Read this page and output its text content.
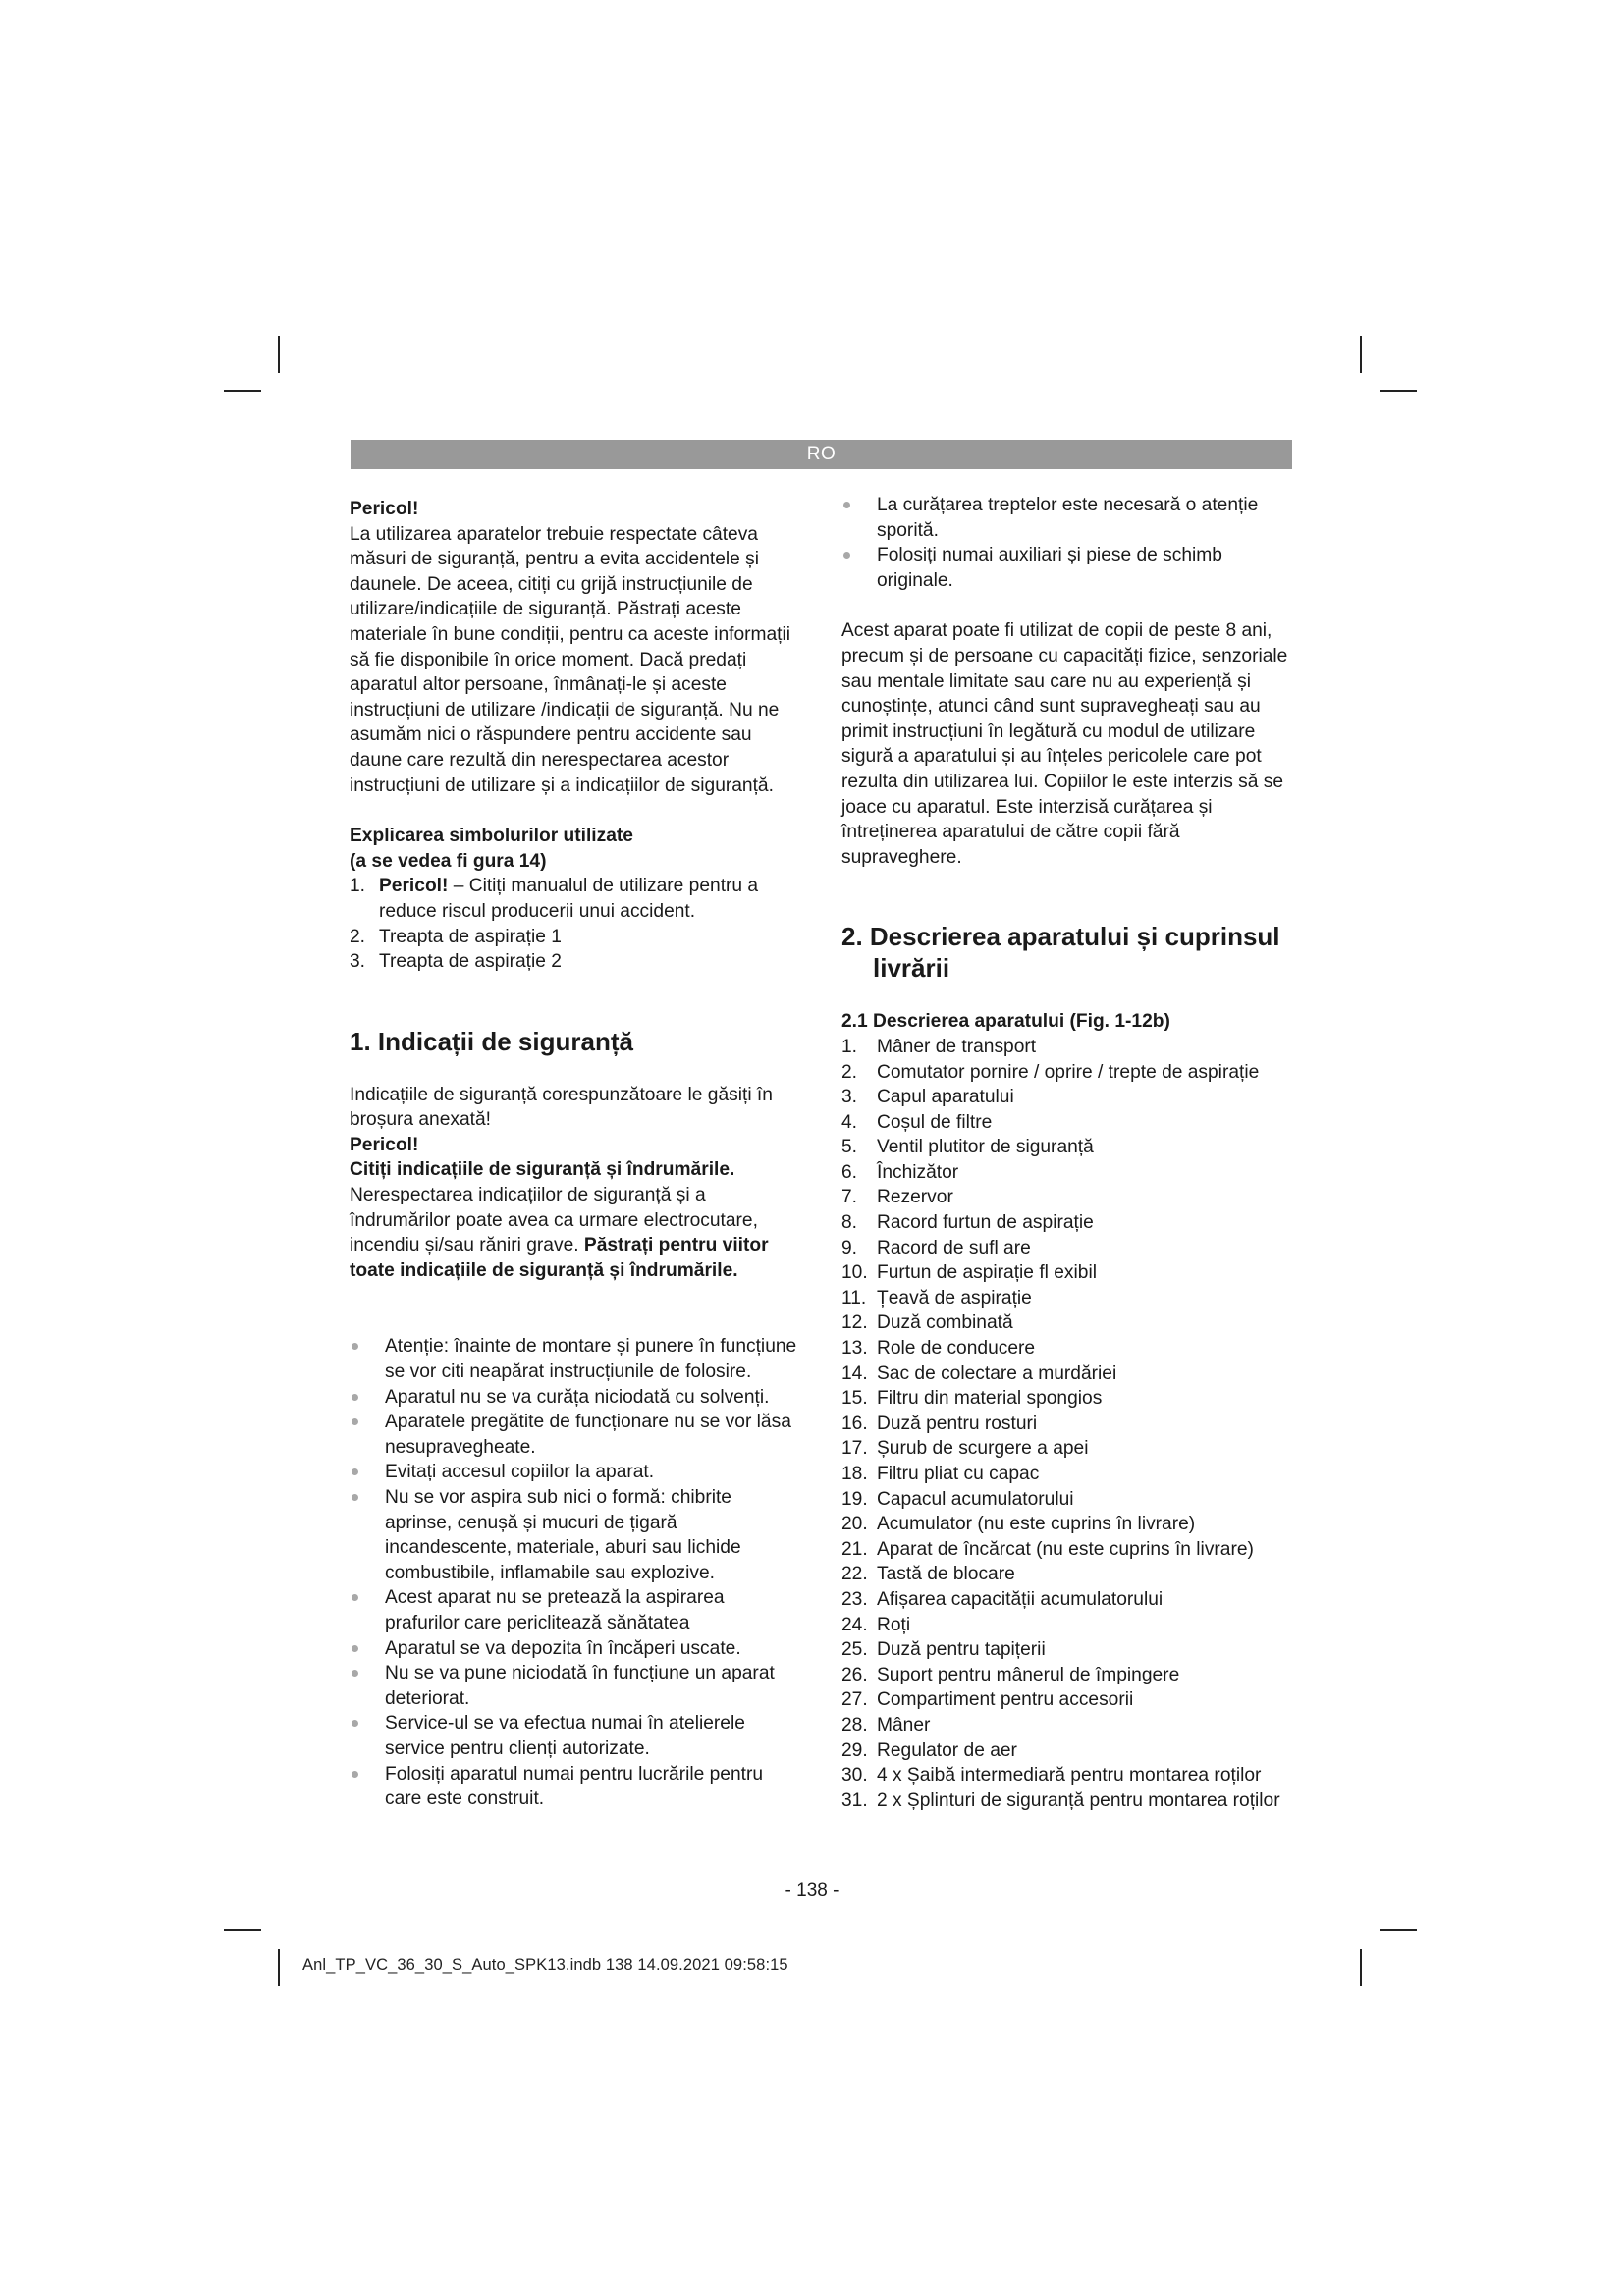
RO

Pericol!

La utilizarea aparatelor trebuie respectate câteva măsuri de siguranță, pentru a evita accidentele și daunele. De aceea, citiți cu grijă instrucțiunile de utilizare/indicațiile de siguranță. Păstrați aceste materiale în bune condiții, pentru ca aceste informații să fie disponibile în orice moment. Dacă predați aparatul altor persoane, înmânați-le și aceste instrucțiuni de utilizare /indicații de siguranță. Nu ne asumăm nici o răspundere pentru accidente sau daune care rezultă din nerespectarea acestor instrucțiuni de utilizare și a indicațiilor de siguranță.

Explicarea simbolurilor utilizate

(a se vedea fi gura 14)

1. Pericol! – Citiți manualul de utilizare pentru a reduce riscul producerii unui accident.
2. Treapta de aspirație 1
3. Treapta de aspirație 2

1. Indicații de siguranță

Indicațiile de siguranță corespunzătoare le găsiți în broșura anexată!

Pericol!

Citiți indicațiile de siguranță și îndrumările.

Nerespectarea indicațiilor de siguranță și a îndrumărilor poate avea ca urmare electrocutare, incendiu și/sau răniri grave. Păstrați pentru viitor toate indicațiile de siguranță și îndrumările.

Atenție: înainte de montare și punere în funcțiune se vor citi neapărat instrucțiunile de folosire.
Aparatul nu se va curăța niciodată cu solvenți.
Aparatele pregătite de funcționare nu se vor lăsa nesupravegheate.
Evitați accesul copiilor la aparat.
Nu se vor aspira sub nici o formă: chibrite aprinse, cenușă și mucuri de țigară incandescente, materiale, aburi sau lichide combustibile, inflamabile sau explozive.
Acest aparat nu se pretează la aspirarea prafurilor care periclitează sănătatea
Aparatul se va depozita în încăperi uscate.
Nu se va pune niciodată în funcțiune un aparat deteriorat.
Service-ul se va efectua numai în atelierele service pentru clienți autorizate.
Folosiți aparatul numai pentru lucrările pentru care este construit.
La curățarea treptelor este necesară o atenție sporită.
Folosiți numai auxiliari și piese de schimb originale.

Acest aparat poate fi utilizat de copii de peste 8 ani, precum și de persoane cu capacități fizice, senzoriale sau mentale limitate sau care nu au experiență și cunoștințe, atunci când sunt supravegheați sau au primit instrucțiuni în legătură cu modul de utilizare sigură a aparatului și au înțeles pericolele care pot rezulta din utilizarea lui. Copiilor le este interzis să se joace cu aparatul. Este interzisă curățarea și întreținerea aparatului de către copii fără supraveghere.

2. Descrierea aparatului și cuprinsul livrării

2.1 Descrierea aparatului (Fig. 1-12b)

1. Mâner de transport
2. Comutator pornire / oprire / trepte de aspirație
3. Capul aparatului
4. Coșul de filtre
5. Ventil plutitor de siguranță
6. Închizător
7. Rezervor
8. Racord furtun de aspirație
9. Racord de sufl are
10. Furtun de aspirație fl exibil
11. Țeavă de aspirație
12. Duză combinată
13. Role de conducere
14. Sac de colectare a murdăriei
15. Filtru din material spongios
16. Duză pentru rosturi
17. Șurub de scurgere a apei
18. Filtru pliat cu capac
19. Capacul acumulatorului
20. Acumulator (nu este cuprins în livrare)
21. Aparat de încărcat (nu este cuprins în livrare)
22. Tastă de blocare
23. Afișarea capacității acumulatorului
24. Roți
25. Duză pentru tapițerii
26. Suport pentru mânerul de împingere
27. Compartiment pentru accesorii
28. Mâner
29. Regulator de aer
30. 4 x Șaibă intermediară pentru montarea roților
31. 2 x Șplinturi de siguranță pentru montarea roților
- 138 -
Anl_TP_VC_36_30_S_Auto_SPK13.indb 138 14.09.2021 09:58:15
